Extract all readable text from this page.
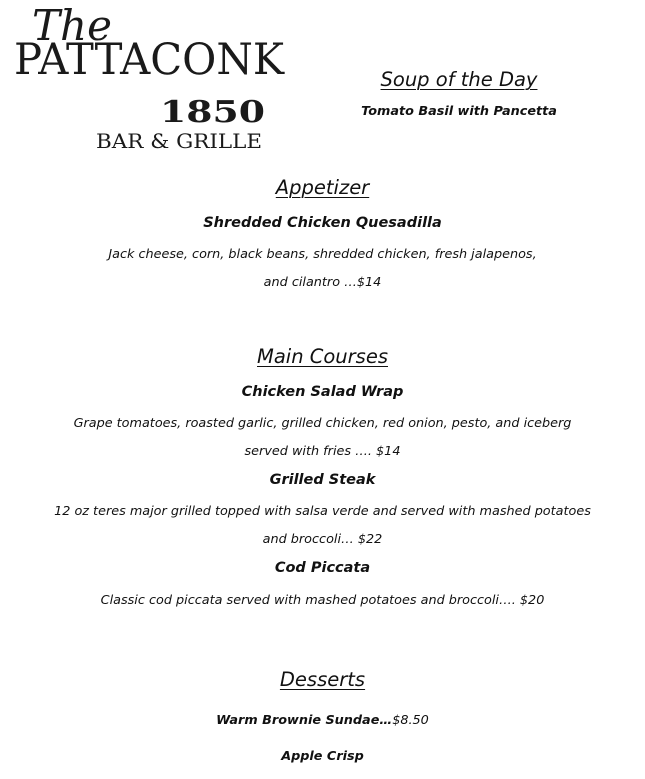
The
PATTACONK
1850
BAR & GRILLE
Soup of the Day
Tomato Basil with Pancetta
Appetizer
Shredded Chicken Quesadilla
Jack cheese, corn, black beans, shredded chicken, fresh jalapenos,
and cilantro …$14
Main Courses
Chicken Salad Wrap
Grape tomatoes, roasted garlic, grilled chicken, red onion, pesto, and iceberg
served with fries …. $14
Grilled Steak
12 oz teres major grilled topped with salsa verde and served with mashed potatoes
and broccoli… $22
Cod Piccata
Classic cod piccata served with mashed potatoes and broccoli…. $20
Desserts
Warm Brownie Sundae…$8.50
Apple Crisp
